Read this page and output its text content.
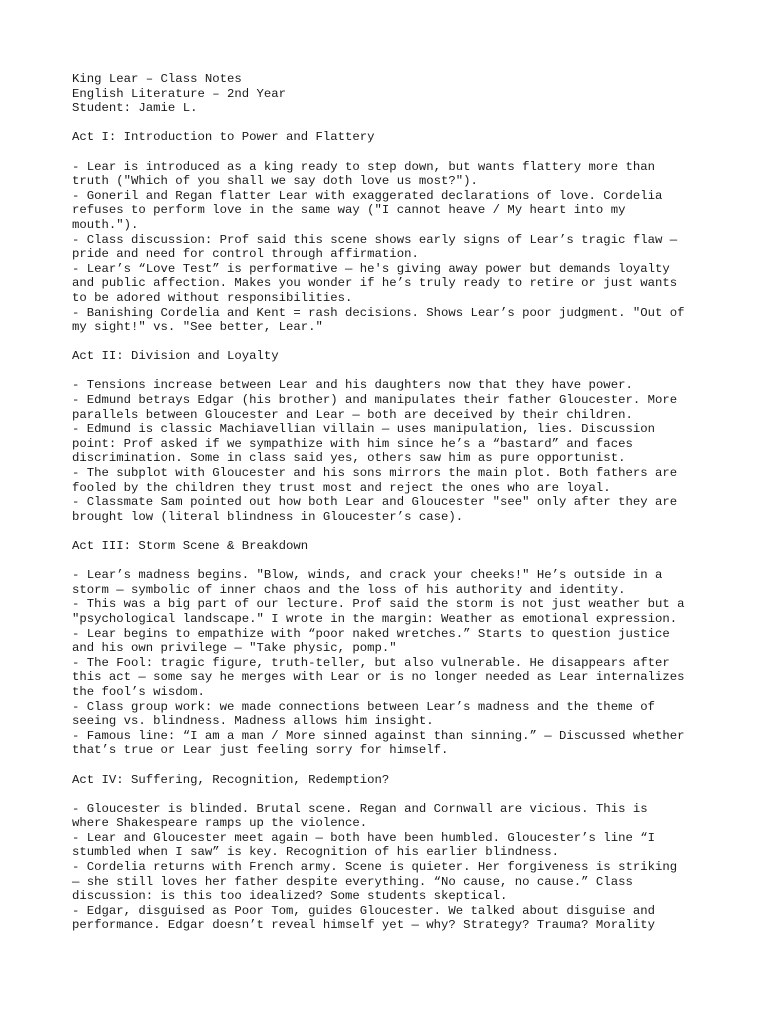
King Lear – Class Notes
English Literature – 2nd Year
Student: Jamie L.
Act I: Introduction to Power and Flattery
- Lear is introduced as a king ready to step down, but wants flattery more than
truth ("Which of you shall we say doth love us most?").
- Goneril and Regan flatter Lear with exaggerated declarations of love. Cordelia
refuses to perform love in the same way ("I cannot heave / My heart into my
mouth.").
- Class discussion: Prof said this scene shows early signs of Lear’s tragic flaw —
pride and need for control through affirmation.
- Lear’s “Love Test” is performative — he's giving away power but demands loyalty
and public affection. Makes you wonder if he’s truly ready to retire or just wants
to be adored without responsibilities.
- Banishing Cordelia and Kent = rash decisions. Shows Lear’s poor judgment. "Out of
my sight!" vs. "See better, Lear."
Act II: Division and Loyalty
- Tensions increase between Lear and his daughters now that they have power.
- Edmund betrays Edgar (his brother) and manipulates their father Gloucester. More
parallels between Gloucester and Lear — both are deceived by their children.
- Edmund is classic Machiavellian villain — uses manipulation, lies. Discussion
point: Prof asked if we sympathize with him since he’s a “bastard” and faces
discrimination. Some in class said yes, others saw him as pure opportunist.
- The subplot with Gloucester and his sons mirrors the main plot. Both fathers are
fooled by the children they trust most and reject the ones who are loyal.
- Classmate Sam pointed out how both Lear and Gloucester "see" only after they are
brought low (literal blindness in Gloucester’s case).
Act III: Storm Scene & Breakdown
- Lear’s madness begins. "Blow, winds, and crack your cheeks!" He’s outside in a
storm — symbolic of inner chaos and the loss of his authority and identity.
- This was a big part of our lecture. Prof said the storm is not just weather but a
"psychological landscape." I wrote in the margin: Weather as emotional expression.
- Lear begins to empathize with “poor naked wretches.” Starts to question justice
and his own privilege — "Take physic, pomp."
- The Fool: tragic figure, truth-teller, but also vulnerable. He disappears after
this act — some say he merges with Lear or is no longer needed as Lear internalizes
the fool’s wisdom.
- Class group work: we made connections between Lear’s madness and the theme of
seeing vs. blindness. Madness allows him insight.
- Famous line: “I am a man / More sinned against than sinning.” — Discussed whether
that’s true or Lear just feeling sorry for himself.
Act IV: Suffering, Recognition, Redemption?
- Gloucester is blinded. Brutal scene. Regan and Cornwall are vicious. This is
where Shakespeare ramps up the violence.
- Lear and Gloucester meet again — both have been humbled. Gloucester’s line “I
stumbled when I saw” is key. Recognition of his earlier blindness.
- Cordelia returns with French army. Scene is quieter. Her forgiveness is striking
— she still loves her father despite everything. “No cause, no cause.” Class
discussion: is this too idealized? Some students skeptical.
- Edgar, disguised as Poor Tom, guides Gloucester. We talked about disguise and
performance. Edgar doesn’t reveal himself yet — why? Strategy? Trauma? Morality
